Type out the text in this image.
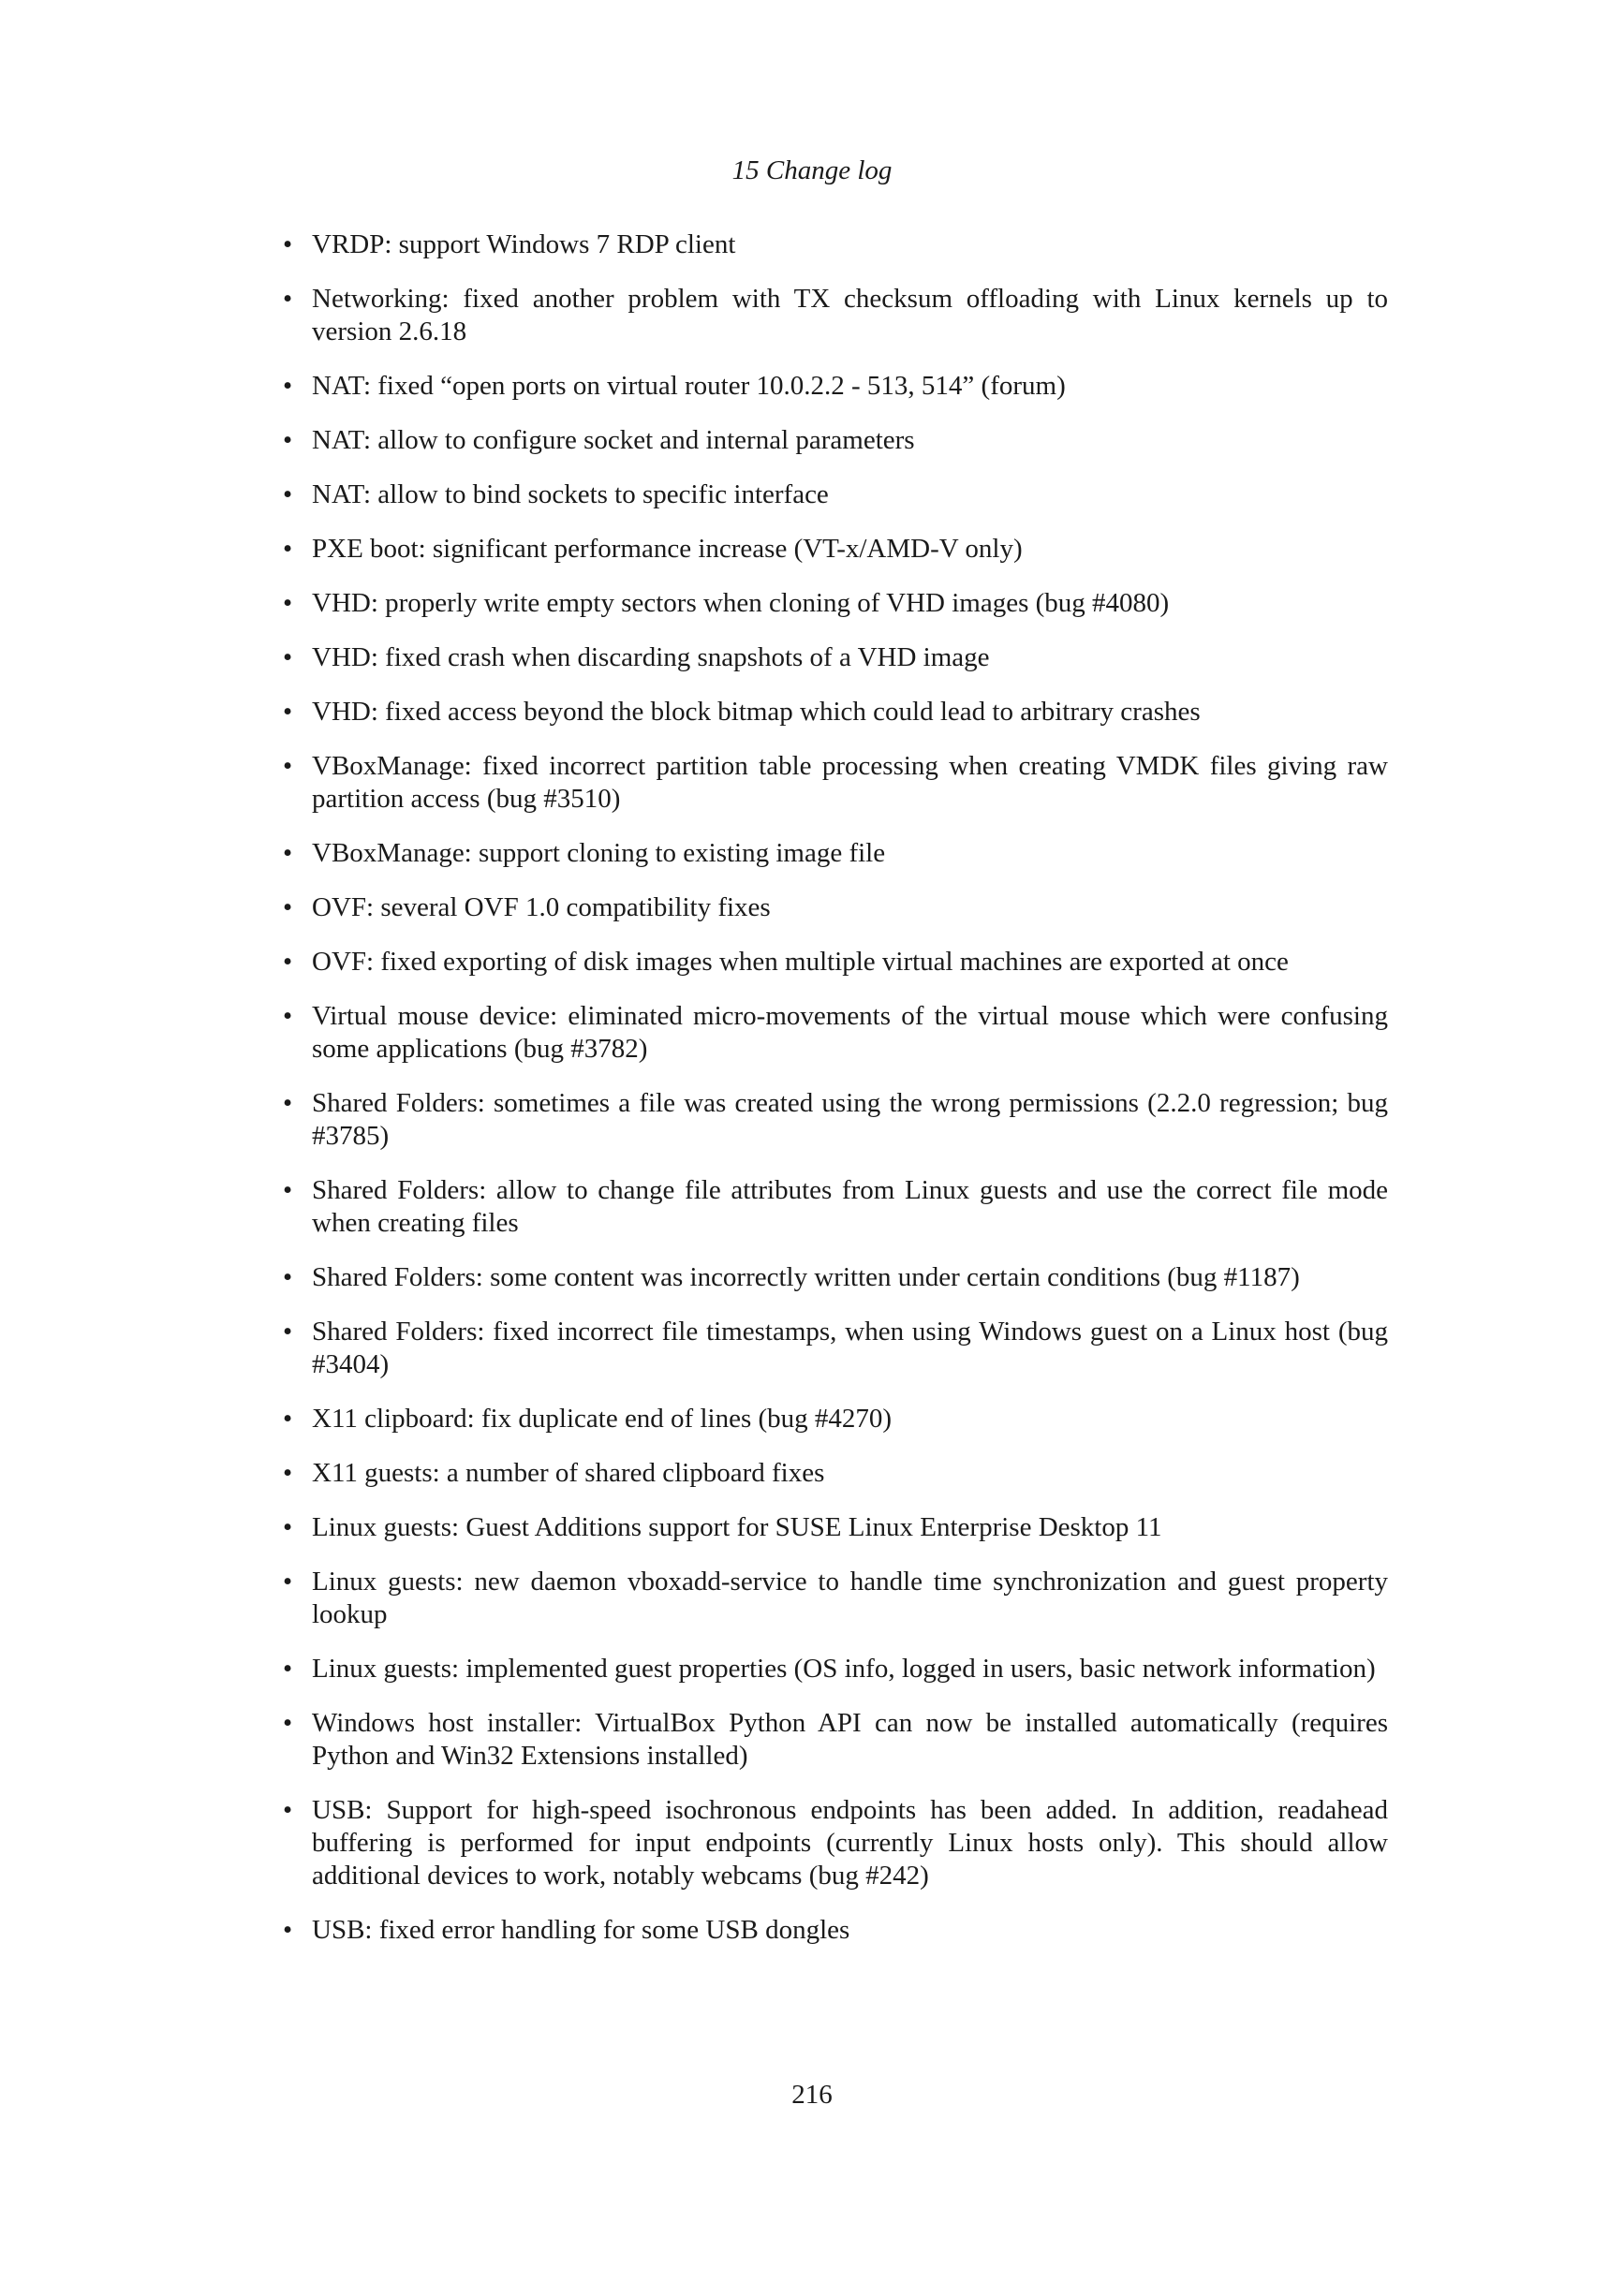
15 Change log
• VRDP: support Windows 7 RDP client
• Networking: fixed another problem with TX checksum offloading with Linux kernels up to version 2.6.18
• NAT: fixed “open ports on virtual router 10.0.2.2 - 513, 514” (forum)
• NAT: allow to configure socket and internal parameters
• NAT: allow to bind sockets to specific interface
• PXE boot: significant performance increase (VT-x/AMD-V only)
• VHD: properly write empty sectors when cloning of VHD images (bug #4080)
• VHD: fixed crash when discarding snapshots of a VHD image
• VHD: fixed access beyond the block bitmap which could lead to arbitrary crashes
• VBoxManage: fixed incorrect partition table processing when creating VMDK files giving raw partition access (bug #3510)
• VBoxManage: support cloning to existing image file
• OVF: several OVF 1.0 compatibility fixes
• OVF: fixed exporting of disk images when multiple virtual machines are exported at once
• Virtual mouse device: eliminated micro-movements of the virtual mouse which were confusing some applications (bug #3782)
• Shared Folders: sometimes a file was created using the wrong permissions (2.2.0 regression; bug #3785)
• Shared Folders: allow to change file attributes from Linux guests and use the correct file mode when creating files
• Shared Folders: some content was incorrectly written under certain conditions (bug #1187)
• Shared Folders: fixed incorrect file timestamps, when using Windows guest on a Linux host (bug #3404)
• X11 clipboard: fix duplicate end of lines (bug #4270)
• X11 guests: a number of shared clipboard fixes
• Linux guests: Guest Additions support for SUSE Linux Enterprise Desktop 11
• Linux guests: new daemon vboxadd-service to handle time synchronization and guest property lookup
• Linux guests: implemented guest properties (OS info, logged in users, basic network information)
• Windows host installer: VirtualBox Python API can now be installed automatically (requires Python and Win32 Extensions installed)
• USB: Support for high-speed isochronous endpoints has been added. In addition, readahead buffering is performed for input endpoints (currently Linux hosts only). This should allow additional devices to work, notably webcams (bug #242)
• USB: fixed error handling for some USB dongles
216
